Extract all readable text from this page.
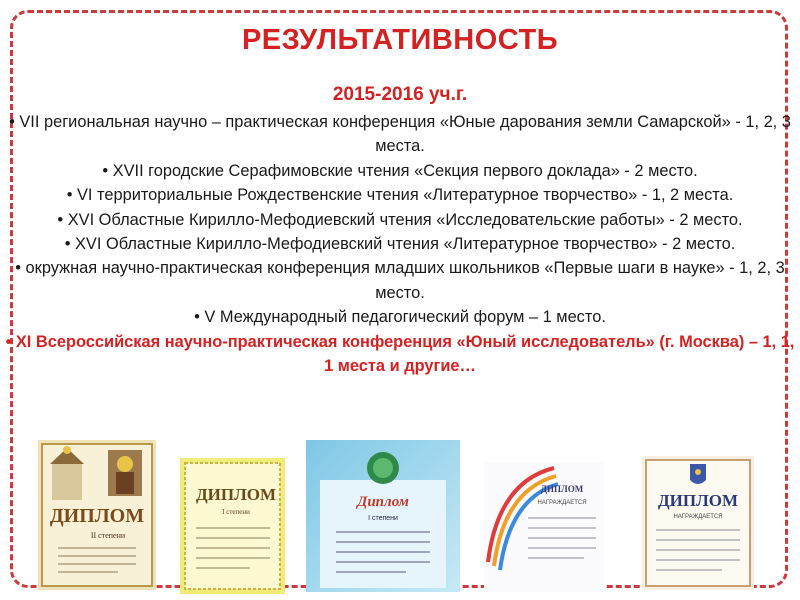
РЕЗУЛЬТАТИВНОСТЬ
2015-2016 уч.г.

• VII региональная научно – практическая конференция «Юные дарования земли Самарской» - 1, 2, 3 места.

• XVII городские Серафимовские чтения «Секция первого доклада» - 2 место.

• VI территориальные Рождественские чтения «Литературное творчество» - 1, 2 места.

• XVI Областные Кирилло-Мефодиевский чтения «Исследовательские работы» - 2 место.

• XVI Областные Кирилло-Мефодиевский чтения «Литературное творчество» - 2 место.

• окружная научно-практическая конференция младших школьников «Первые шаги в науке» - 1, 2, 3 место.

• V Международный педагогический форум – 1 место.

• XI Всероссийская научно-практическая конференция «Юный исследователь» (г. Москва) – 1, 1, 1 места и другие…

ДИПЛОМ
II степени
ДИПЛОМ
I степени
Диплом
I степени
ДИПЛОМ
НАГРАЖДАЕТСЯ	ДИПЛОМ
НАГРАЖДАЕТСЯ
